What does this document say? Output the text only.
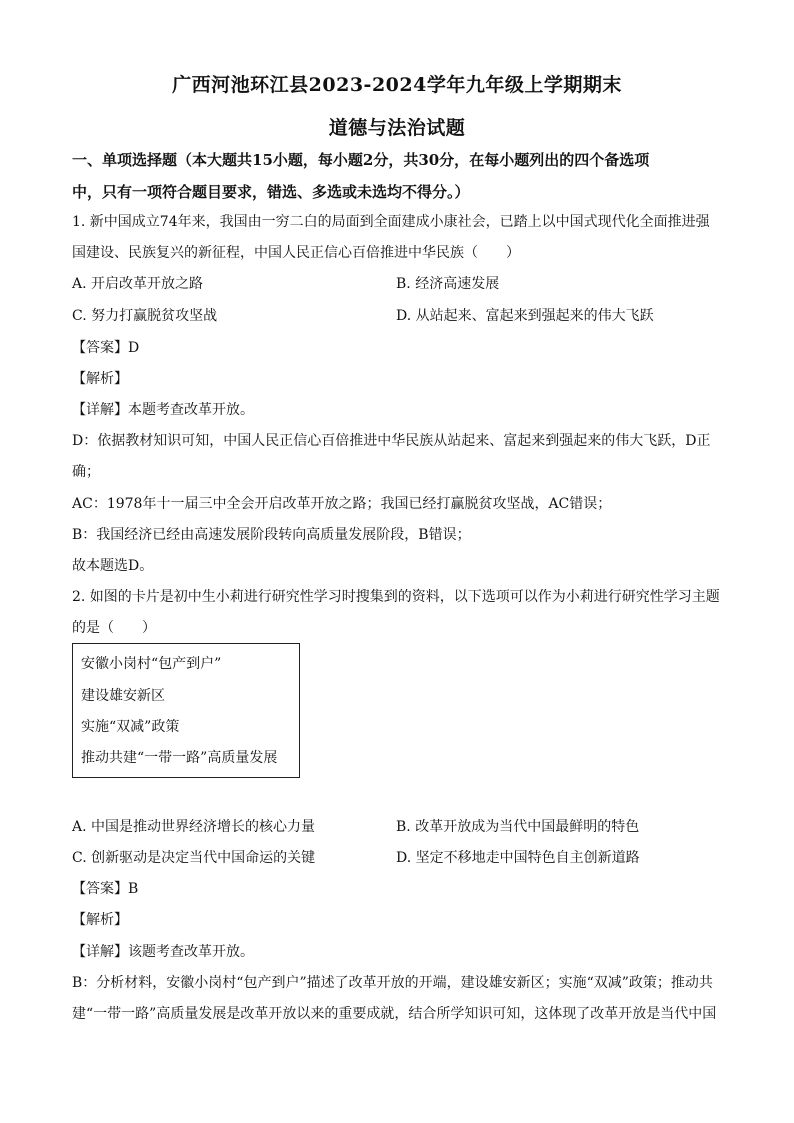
广西河池环江县2023-2024学年九年级上学期期末
道德与法治试题
一、单项选择题（本大题共15小题，每小题2分，共30分，在每小题列出的四个备选项
中，只有一项符合题目要求，错选、多选或未选均不得分。）
1. 新中国成立74年来，我国由一穷二白的局面到全面建成小康社会，已踏上以中国式现代化全面推进强
国建设、民族复兴的新征程，中国人民正信心百倍推进中华民族（　　）
A. 开启改革开放之路	B. 经济高速发展
C. 努力打赢脱贫攻坚战	D. 从站起来、富起来到强起来的伟大飞跃
【答案】D
【解析】
【详解】本题考查改革开放。
D：依据教材知识可知，中国人民正信心百倍推进中华民族从站起来、富起来到强起来的伟大飞跃，D正
确；
AC：1978年十一届三中全会开启改革开放之路；我国已经打赢脱贫攻坚战，AC错误；
B：我国经济已经由高速发展阶段转向高质量发展阶段，B错误；
故本题选D。
2. 如图的卡片是初中生小莉进行研究性学习时搜集到的资料，以下选项可以作为小莉进行研究性学习主题
的是（　　）
安徽小岗村“包产到户”
建设雄安新区
实施“双减”政策
推动共建“一带一路”高质量发展
A. 中国是推动世界经济增长的核心力量	B. 改革开放成为当代中国最鲜明的特色
C. 创新驱动是决定当代中国命运的关键	D. 坚定不移地走中国特色自主创新道路
【答案】B
【解析】
【详解】该题考查改革开放。
B：分析材料，安徽小岗村“包产到户”描述了改革开放的开端，建设雄安新区；实施“双减”政策；推动共
建“一带一路”高质量发展是改革开放以来的重要成就，结合所学知识可知，这体现了改革开放是当代中国
